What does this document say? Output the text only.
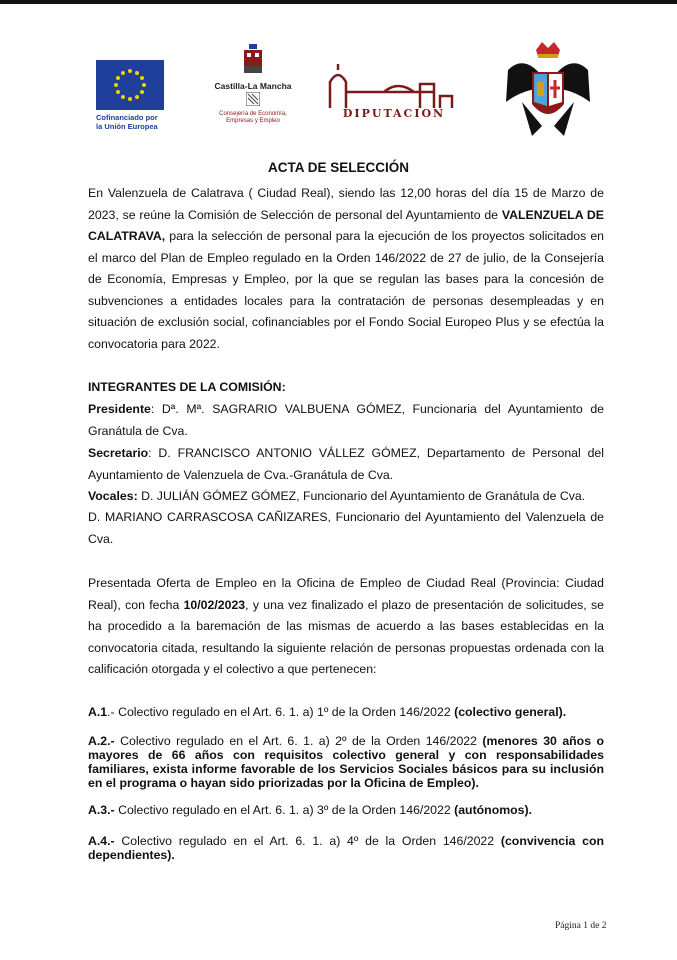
Cofinanciado por
la Unión Europea
Castilla-La Mancha
Consejería de Economía,
Empresas y Empleo
DIPUTACION
ACTA DE SELECCIÓN

En Valenzuela de Calatrava ( Ciudad Real), siendo las 12,00 horas del día 15 de Marzo de 2023, se reúne la Comisión de Selección de personal del Ayuntamiento de VALENZUELA DE CALATRAVA, para la selección de personal para la ejecución de los proyectos solicitados en el marco del Plan de Empleo regulado en la Orden 146/2022 de 27 de julio, de la Consejería de Economía, Empresas y Empleo, por la que se regulan las bases para la concesión de subvenciones a entidades locales para la contratación de personas desempleadas y en situación de exclusión social, cofinanciables por el Fondo Social Europeo Plus y se efectúa la convocatoria para 2022.

INTEGRANTES DE LA COMISIÓN:

Presidente: Dª. Mª. SAGRARIO VALBUENA GÓMEZ, Funcionaria del Ayuntamiento de Granátula de Cva.

Secretario: D. FRANCISCO ANTONIO VÁLLEZ GÓMEZ, Departamento de Personal del Ayuntamiento de Valenzuela de Cva.-Granátula de Cva.

Vocales: D. JULIÁN GÓMEZ GÓMEZ, Funcionario del Ayuntamiento de Granátula de Cva.

D. MARIANO CARRASCOSA CAÑIZARES, Funcionario del Ayuntamiento del Valenzuela de Cva.

Presentada Oferta de Empleo en la Oficina de Empleo de Ciudad Real (Provincia: Ciudad Real), con fecha 10/02/2023, y una vez finalizado el plazo de presentación de solicitudes, se ha procedido a la baremación de las mismas de acuerdo a las bases establecidas en la convocatoria citada, resultando la siguiente relación de personas propuestas ordenada con la calificación otorgada y el colectivo a que pertenecen:

A.1.- Colectivo regulado en el Art. 6. 1. a) 1º de la Orden 146/2022 (colectivo general).

A.2.- Colectivo regulado en el Art. 6. 1. a) 2º de la Orden 146/2022 (menores 30 años o mayores de 66 años con requisitos colectivo general y con responsabilidades familiares, exista informe favorable de los Servicios Sociales básicos para su inclusión en el programa o hayan sido priorizadas por la Oficina de Empleo).

A.3.- Colectivo regulado en el Art. 6. 1. a) 3º de la Orden 146/2022 (autónomos).

A.4.- Colectivo regulado en el Art. 6. 1. a) 4º de la Orden 146/2022 (convivencia con dependientes).

Página 1 de 2
